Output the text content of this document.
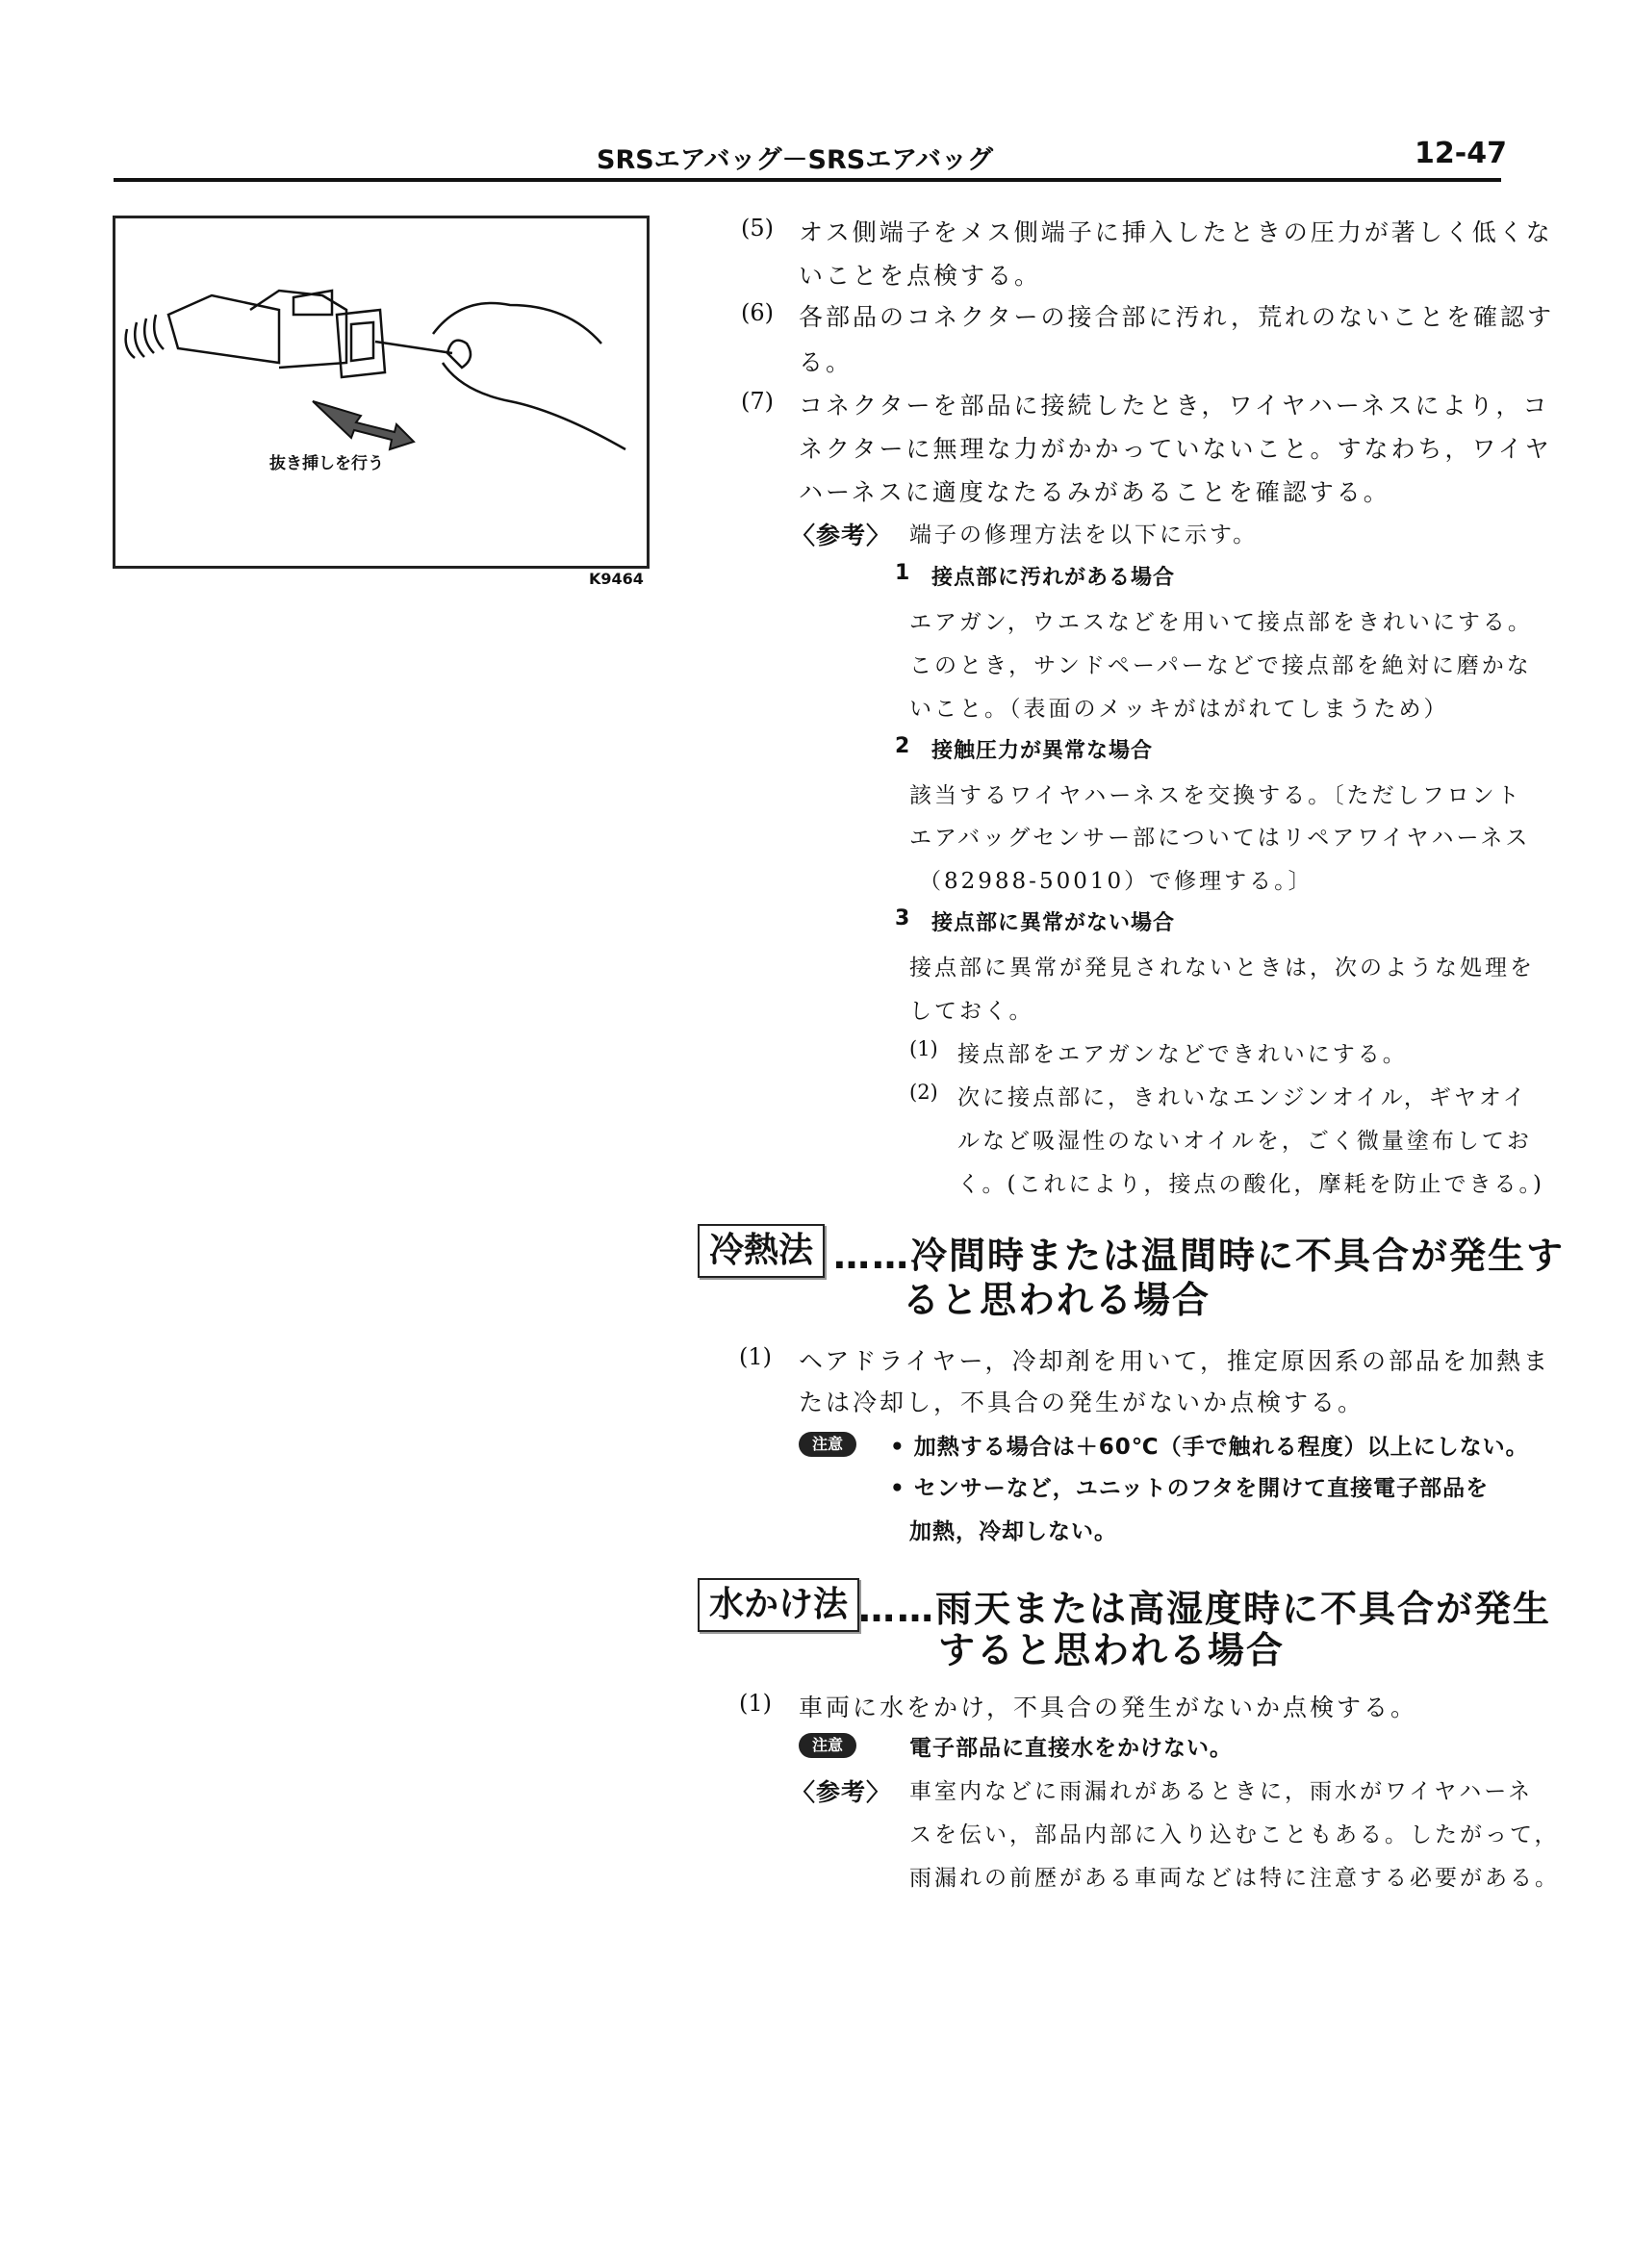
SRSエアバッグ－SRSエアバッグ	12-47
抜き挿しを行う
K9464
(5) オス側端子をメス側端子に挿入したときの圧力が著しく低くな
いことを点検する。
(6) 各部品のコネクターの接合部に汚れ，荒れのないことを確認す
る。
(7) コネクターを部品に接続したとき，ワイヤハーネスにより，コ
ネクターに無理な力がかかっていないこと。すなわち，ワイヤ
ハーネスに適度なたるみがあることを確認する。
〈参考〉 端子の修理方法を以下に示す。
1 接点部に汚れがある場合
エアガン，ウエスなどを用いて接点部をきれいにする。
このとき，サンドペーパーなどで接点部を絶対に磨かな
いこと。（表面のメッキがはがれてしまうため）
2 接触圧力が異常な場合
該当するワイヤハーネスを交換する。〔ただしフロント
エアバッグセンサー部についてはリペアワイヤハーネス
（82988-50010）で修理する。〕
3 接点部に異常がない場合
接点部に異常が発見されないときは，次のような処理を
しておく。
(1) 接点部をエアガンなどできれいにする。
(2) 次に接点部に，きれいなエンジンオイル，ギヤオイ
ルなど吸湿性のないオイルを，ごく微量塗布してお
く。(これにより，接点の酸化，摩耗を防止できる。)
冷熱法 ……冷間時または温間時に不具合が発生す
ると思われる場合
(1) ヘアドライヤー，冷却剤を用いて，推定原因系の部品を加熱ま
たは冷却し，不具合の発生がないか点検する。
注意	• 加熱する場合は＋60℃（手で触れる程度）以上にしない。
• センサーなど，ユニットのフタを開けて直接電子部品を
加熱，冷却しない。
水かけ法 ……雨天または高湿度時に不具合が発生
すると思われる場合
(1) 車両に水をかけ，不具合の発生がないか点検する。
注意	電子部品に直接水をかけない。
〈参考〉 車室内などに雨漏れがあるときに，雨水がワイヤハーネ
スを伝い，部品内部に入り込むこともある。したがって，
雨漏れの前歴がある車両などは特に注意する必要がある。
